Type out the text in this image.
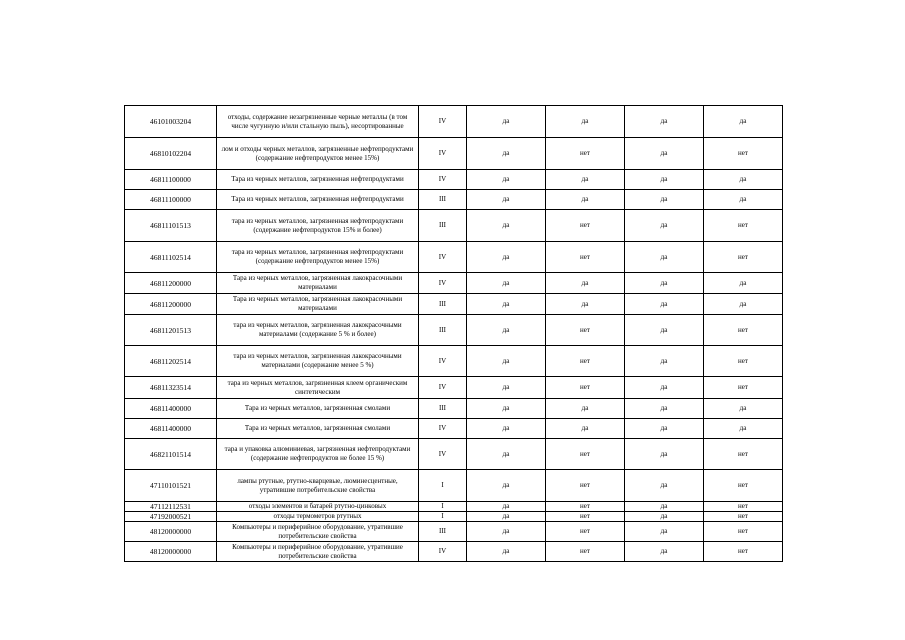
46101003204	отходы, содержание незагрязненные черные металлы (в том числе чугунную и/или стальную пыль), несортированные	IV	да	да	да	да
46810102204	лом и отходы черных металлов, загрязненные нефтепродуктами (содержание нефтепродуктов менее 15%)	IV	да	нет	да	нет
46811100000	Тара из черных металлов, загрязненная нефтепродуктами	IV	да	да	да	да
46811100000	Тара из черных металлов, загрязненная нефтепродуктами	III	да	да	да	да
46811101513	тара из черных металлов, загрязненная нефтепродуктами (содержание нефтепродуктов 15% и более)	III	да	нет	да	нет
46811102514	тара из черных металлов, загрязненная нефтепродуктами (содержание нефтепродуктов менее 15%)	IV	да	нет	да	нет
46811200000	Тара из черных металлов, загрязненная лакокрасочными материалами	IV	да	да	да	да
46811200000	Тара из черных металлов, загрязненная лакокрасочными материалами	III	да	да	да	да
46811201513	тара из черных металлов, загрязненная лакокрасочными материалами (содержание 5 % и более)	III	да	нет	да	нет
46811202514	тара из черных металлов, загрязненная лакокрасочными материалами (содержание менее 5 %)	IV	да	нет	да	нет
46811323514	тара из черных металлов, загрязненная клеем органическим синтетическим	IV	да	нет	да	нет
46811400000	Тара из черных металлов, загрязненная смолами	III	да	да	да	да
46811400000	Тара из черных металлов, загрязненная смолами	IV	да	да	да	да
46821101514	тара и упаковка алюминиевая, загрязненная нефтепродуктами (содержание нефтепродуктов не более 15 %)	IV	да	нет	да	нет
47110101521	лампы ртутные, ртутно-кварцевые, люминесцентные, утратившие потребительские свойства	I	да	нет	да	нет
47112112531	отходы элементов и батарей ртутно-цинковых	I	да	нет	да	нет
47192000521	отходы термометров ртутных	I	да	нет	да	нет
48120000000	Компьютеры и периферийное оборудование, утратившие потребительские свойства	III	да	нет	да	нет
48120000000	Компьютеры и периферийное оборудование, утратившие потребительские свойства	IV	да	нет	да	нет
